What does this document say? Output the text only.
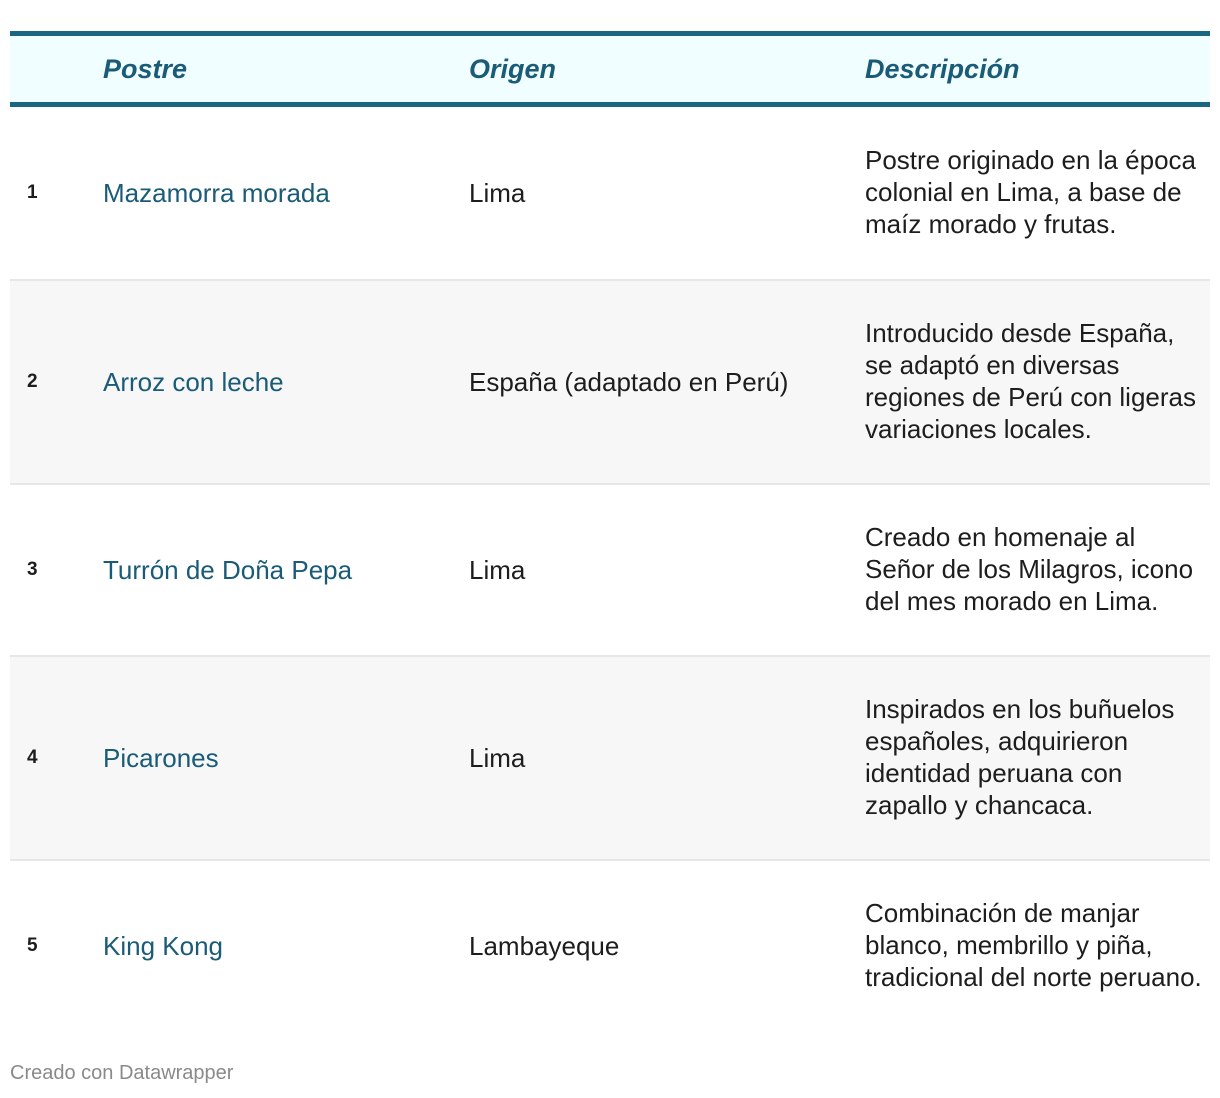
	Postre	Origen	Descripción
1	Mazamorra morada	Lima	Postre originado en la época colonial en Lima, a base de maíz morado y frutas.
2	Arroz con leche	España (adaptado en Perú)	Introducido desde España, se adaptó en diversas regiones de Perú con ligeras variaciones locales.
3	Turrón de Doña Pepa	Lima	Creado en homenaje al Señor de los Milagros, icono del mes morado en Lima.
4	Picarones	Lima	Inspirados en los buñuelos españoles, adquirieron identidad peruana con zapallo y chancaca.
5	King Kong	Lambayeque	Combinación de manjar blanco, membrillo y piña, tradicional del norte peruano.
Creado con Datawrapper
